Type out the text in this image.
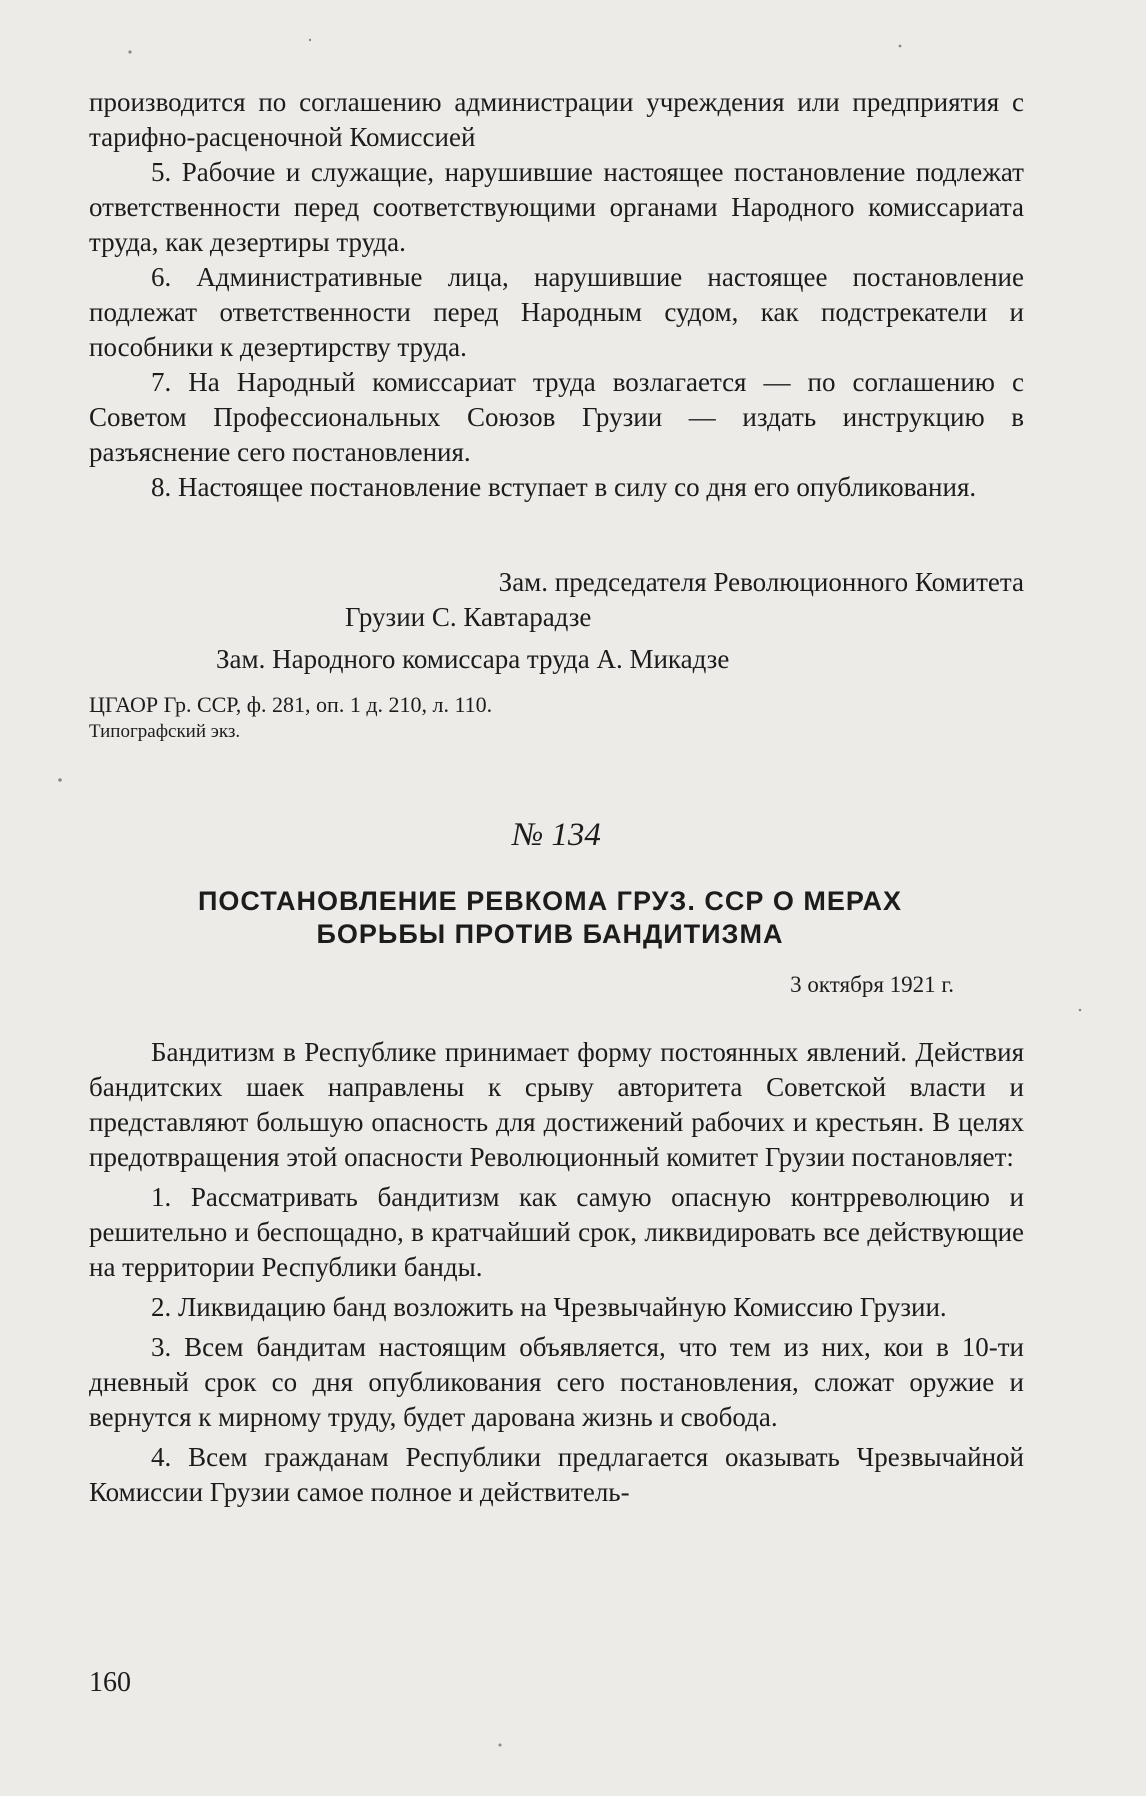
производится по соглашению администрации учреждения или предприятия с тарифно-расценочной Комиссией

5. Рабочие и служащие, нарушившие настоящее постановление подлежат ответственности перед соответствующими органами Народного комиссариата труда, как дезертиры труда.

6. Административные лица, нарушившие настоящее постановление подлежат ответственности перед Народным судом, как подстрекатели и пособники к дезертирству труда.

7. На Народный комиссариат труда возлагается — по соглашению с Советом Профессиональных Союзов Грузии — издать инструкцию в разъяснение сего постановления.

8. Настоящее постановление вступает в силу со дня его опубликования.

Зам. председателя Революционного Комитета

Грузии С. Кавтарадзе

Зам. Народного комиссара труда А. Микадзе

ЦГАОР Гр. ССР, ф. 281, оп. 1 д. 210, л. 110.

Типографский экз.

№ 134

ПОСТАНОВЛЕНИЕ РЕВКОМА ГРУЗ. ССР О МЕРАХ

БОРЬБЫ ПРОТИВ БАНДИТИЗМА

3 октября 1921 г.

Бандитизм в Республике принимает форму постоянных явлений. Действия бандитских шаек направлены к срыву авторитета Советской власти и представляют большую опасность для достижений рабочих и крестьян. В целях предотвращения этой опасности Революционный комитет Грузии постановляет:

1. Рассматривать бандитизм как самую опасную контрреволюцию и решительно и беспощадно, в кратчайший срок, ликвидировать все действующие на территории Республики банды.

2. Ликвидацию банд возложить на Чрезвычайную Комиссию Грузии.

3. Всем бандитам настоящим объявляется, что тем из них, кои в 10-ти дневный срок со дня опубликования сего постановления, сложат оружие и вернутся к мирному труду, будет дарована жизнь и свобода.

4. Всем гражданам Республики предлагается оказывать Чрезвычайной Комиссии Грузии самое полное и действитель-

160
